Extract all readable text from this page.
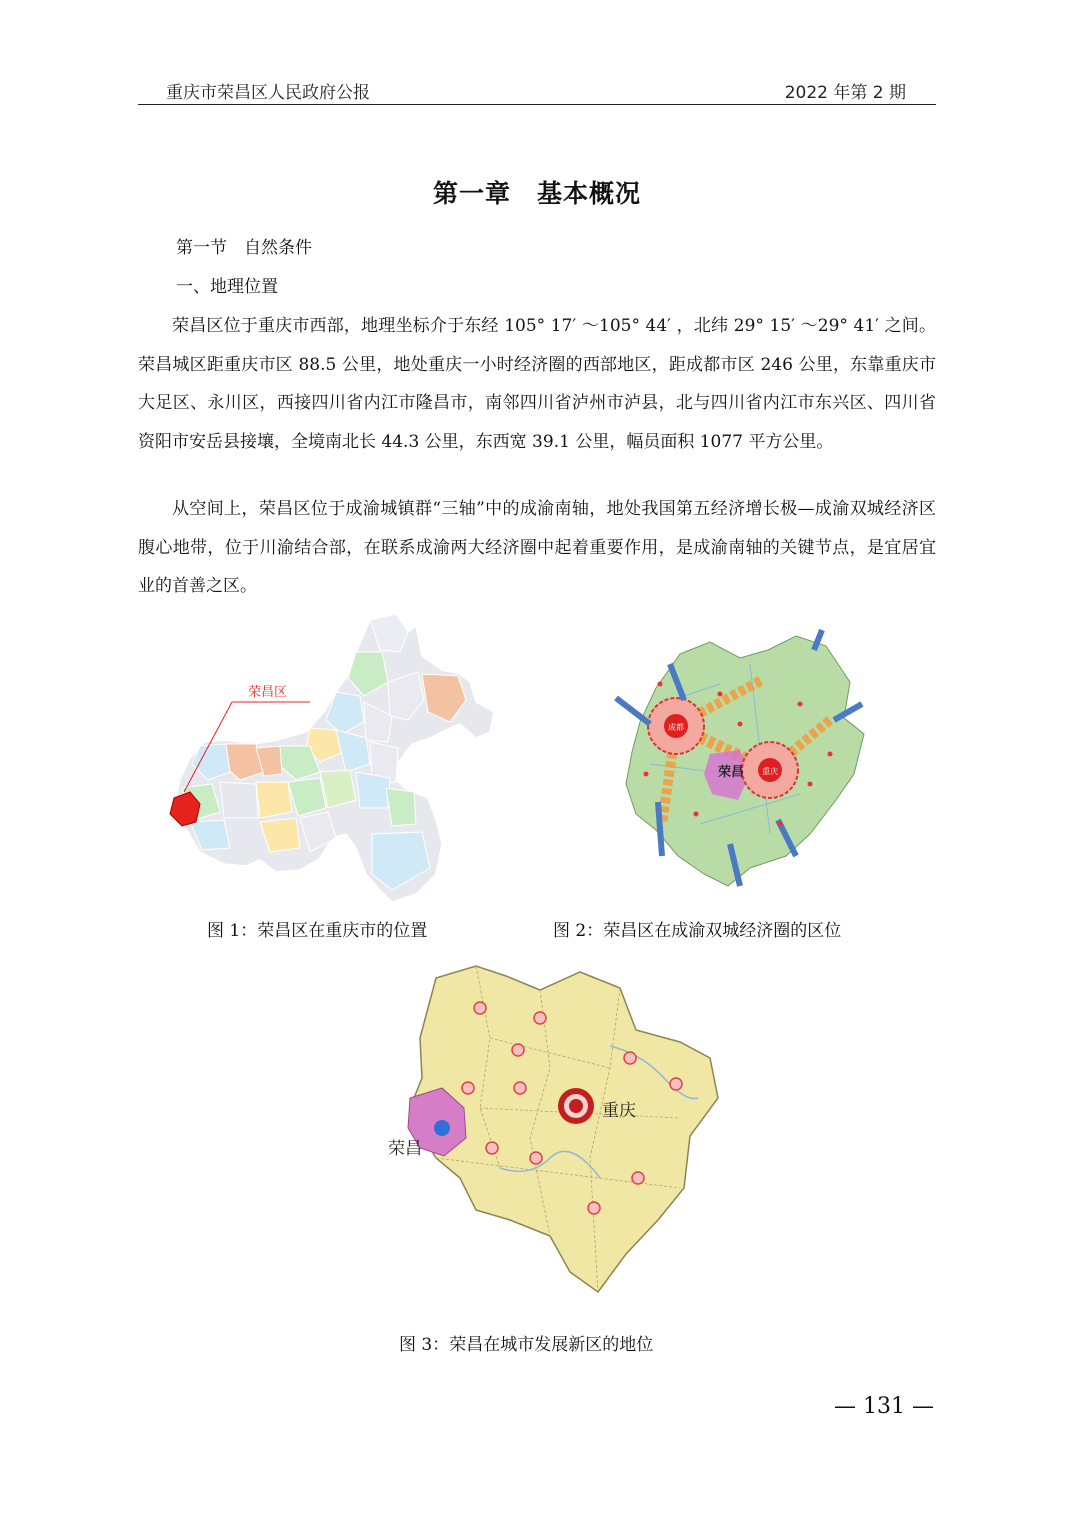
重庆市荣昌区人民政府公报	2022 年第 2 期
第一章　基本概况
第一节　自然条件
一、地理位置
荣昌区位于重庆市西部，地理坐标介于东经 105° 17′ ～105° 44′ ，北纬 29° 15′ ～29° 41′ 之间。荣昌城区距重庆市区 88.5 公里，地处重庆一小时经济圈的西部地区，距成都市区 246 公里，东靠重庆市大足区、永川区，西接四川省内江市隆昌市，南邻四川省泸州市泸县，北与四川省内江市东兴区、四川省资阳市安岳县接壤，全境南北长 44.3 公里，东西宽 39.1 公里，幅员面积 1077 平方公里。
从空间上，荣昌区位于成渝城镇群“三轴”中的成渝南轴，地处我国第五经济增长极—成渝双城经济区腹心地带，位于川渝结合部，在联系成渝两大经济圈中起着重要作用，是成渝南轴的关键节点，是宜居宜业的首善之区。
荣昌区
图 1：荣昌区在重庆市的位置
荣昌
成都
重庆
图 2：荣昌区在成渝双城经济圈的区位
重庆
荣昌
图 3：荣昌在城市发展新区的地位
— 131 —
